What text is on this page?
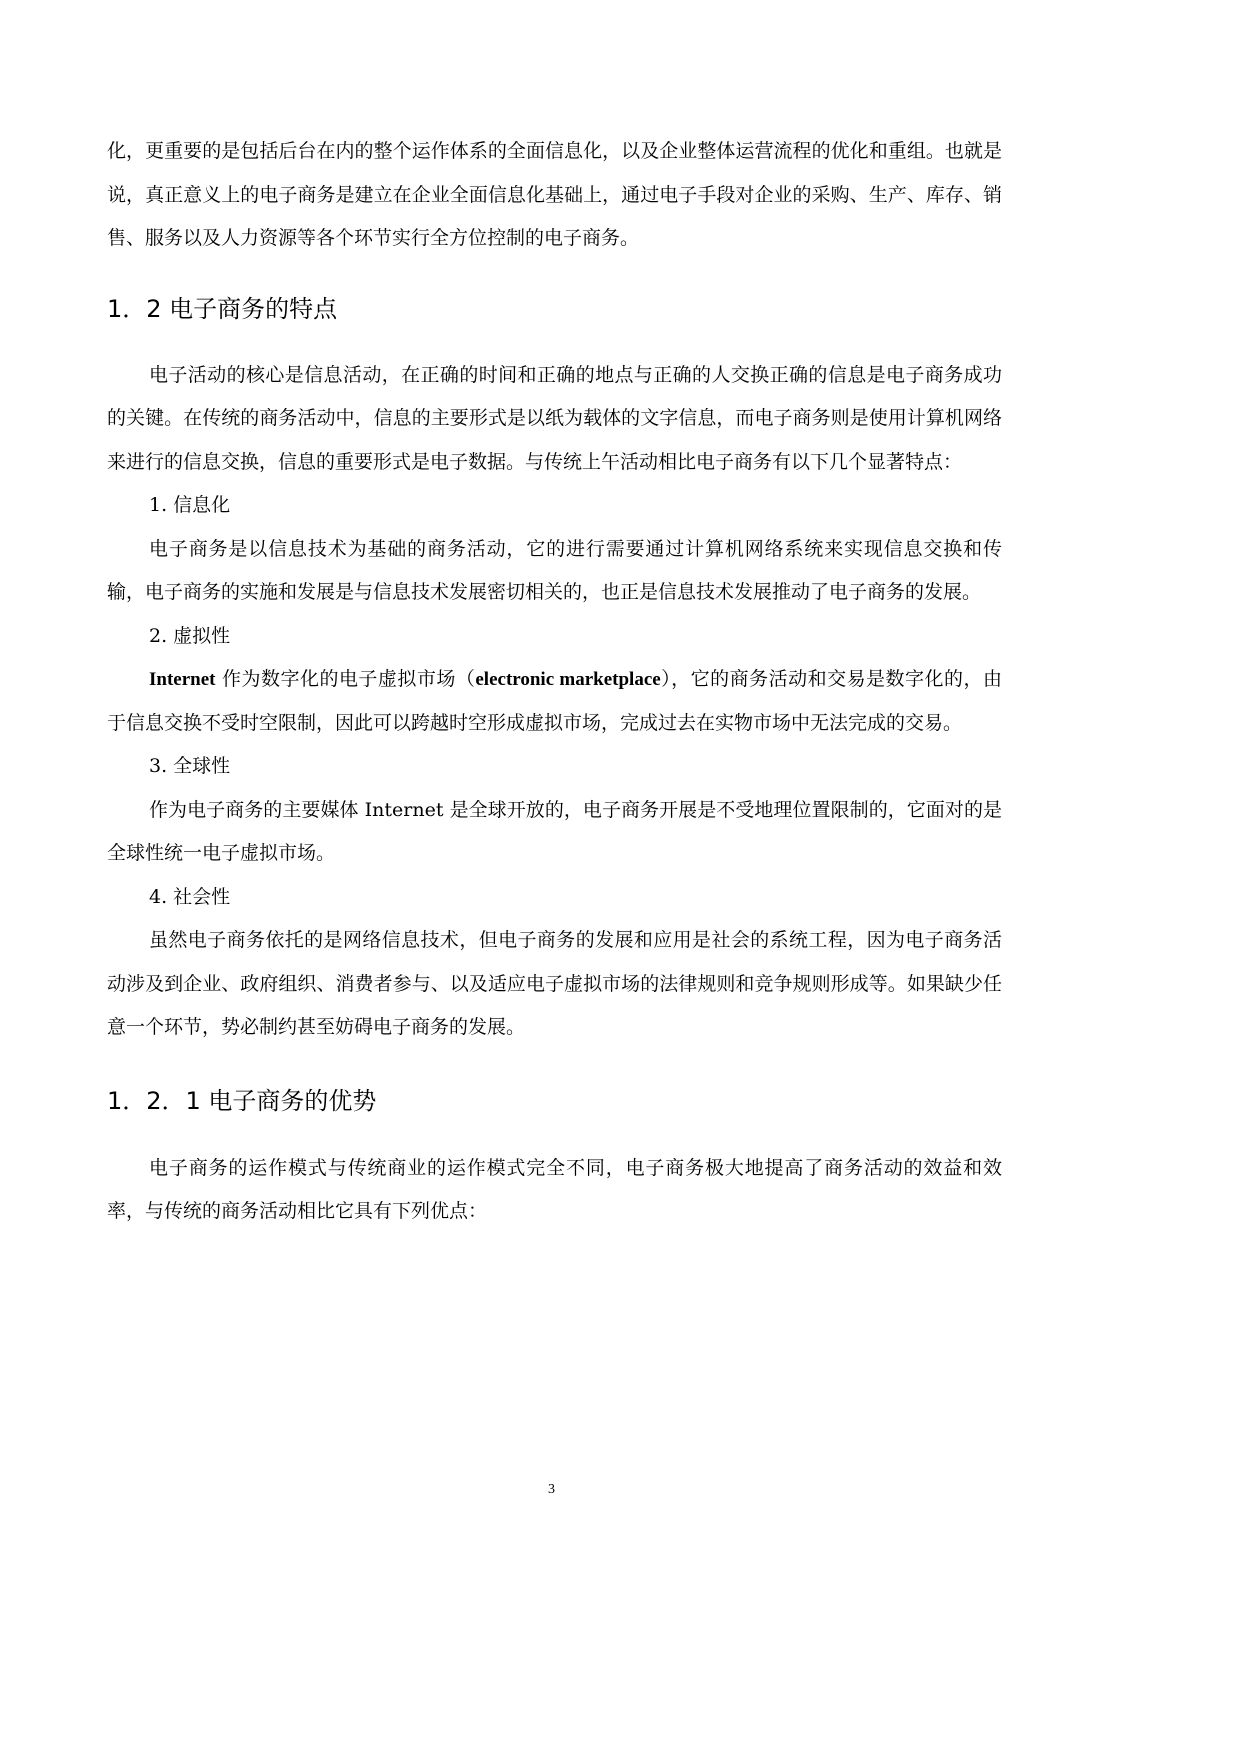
化，更重要的是包括后台在内的整个运作体系的全面信息化，以及企业整体运营流程的优化和重组。也就是说，真正意义上的电子商务是建立在企业全面信息化基础上，通过电子手段对企业的采购、生产、库存、销售、服务以及人力资源等各个环节实行全方位控制的电子商务。

1．2 电子商务的特点

电子活动的核心是信息活动，在正确的时间和正确的地点与正确的人交换正确的信息是电子商务成功的关键。在传统的商务活动中，信息的主要形式是以纸为载体的文字信息，而电子商务则是使用计算机网络来进行的信息交换，信息的重要形式是电子数据。与传统上午活动相比电子商务有以下几个显著特点：

1. 信息化

电子商务是以信息技术为基础的商务活动，它的进行需要通过计算机网络系统来实现信息交换和传输，电子商务的实施和发展是与信息技术发展密切相关的，也正是信息技术发展推动了电子商务的发展。

2. 虚拟性

Internet 作为数字化的电子虚拟市场（electronic marketplace），它的商务活动和交易是数字化的，由于信息交换不受时空限制，因此可以跨越时空形成虚拟市场，完成过去在实物市场中无法完成的交易。

3. 全球性

作为电子商务的主要媒体 Internet 是全球开放的，电子商务开展是不受地理位置限制的，它面对的是全球性统一电子虚拟市场。

4. 社会性

虽然电子商务依托的是网络信息技术，但电子商务的发展和应用是社会的系统工程，因为电子商务活动涉及到企业、政府组织、消费者参与、以及适应电子虚拟市场的法律规则和竞争规则形成等。如果缺少任意一个环节，势必制约甚至妨碍电子商务的发展。

1．2．1 电子商务的优势

电子商务的运作模式与传统商业的运作模式完全不同，电子商务极大地提高了商务活动的效益和效率，与传统的商务活动相比它具有下列优点：

3
